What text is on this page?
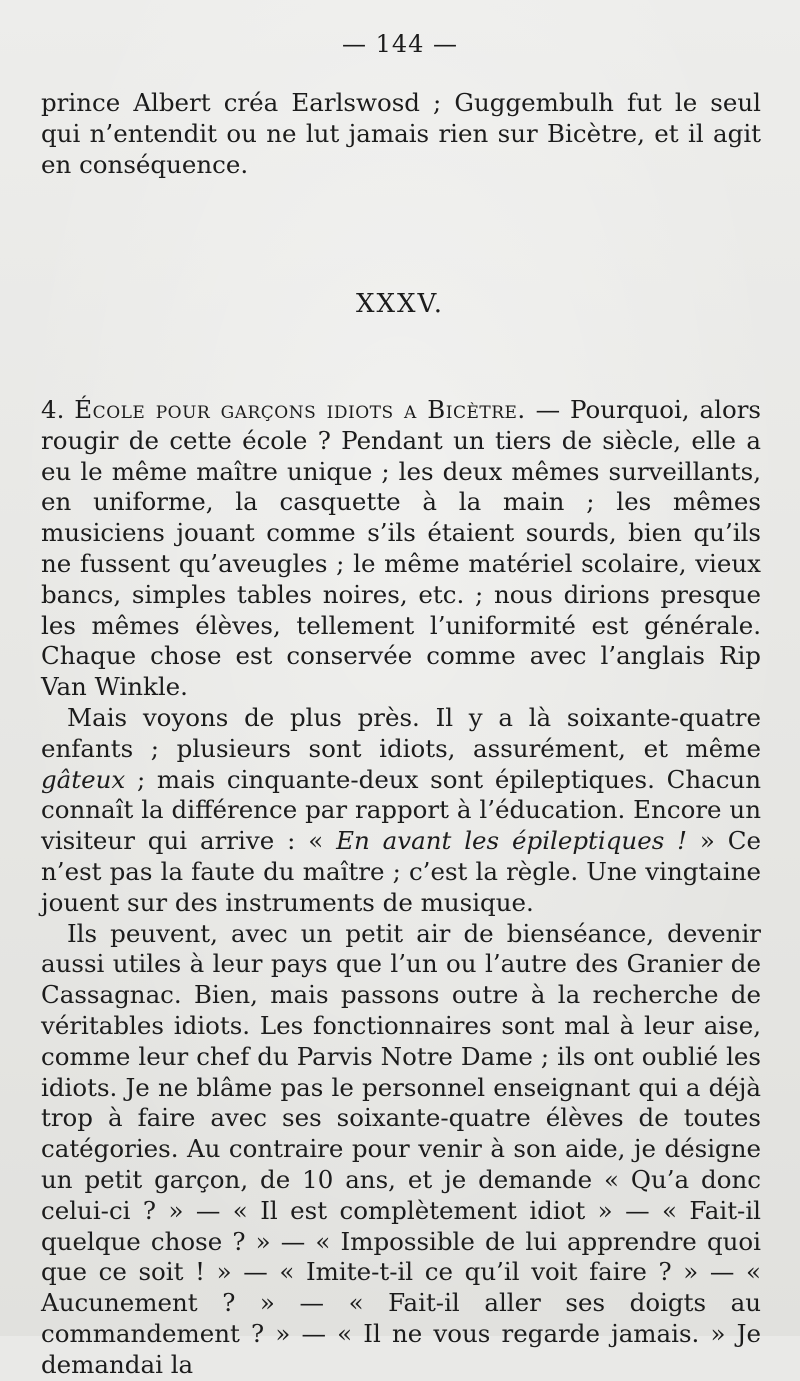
— 144 —

prince Albert créa Earlswosd ; Guggembulh fut le seul qui n’entendit ou ne lut jamais rien sur Bicètre, et il agit en conséquence.

XXXV.

4. École pour garçons idiots a Bicètre. — Pourquoi, alors rougir de cette école ? Pendant un tiers de siècle, elle a eu le même maître unique ; les deux mêmes surveillants, en uniforme, la casquette à la main ; les mêmes musiciens jouant comme s’ils étaient sourds, bien qu’ils ne fussent qu’aveugles ; le même matériel scolaire, vieux bancs, simples tables noires, etc. ; nous dirions presque les mêmes élèves, tellement l’uniformité est générale. Chaque chose est conservée comme avec l’anglais Rip Van Winkle.

Mais voyons de plus près. Il y a là soixante-quatre enfants ; plusieurs sont idiots, assurément, et même gâteux ; mais cinquante-deux sont épileptiques. Chacun connaît la différence par rapport à l’éducation. Encore un visiteur qui arrive : « En avant les épileptiques ! » Ce n’est pas la faute du maître ; c’est la règle. Une vingtaine jouent sur des instruments de musique.

Ils peuvent, avec un petit air de bienséance, devenir aussi utiles à leur pays que l’un ou l’autre des Granier de Cassagnac. Bien, mais passons outre à la recherche de véritables idiots. Les fonctionnaires sont mal à leur aise, comme leur chef du Parvis Notre Dame ; ils ont oublié les idiots. Je ne blâme pas le personnel enseignant qui a déjà trop à faire avec ses soixante-quatre élèves de toutes catégories. Au contraire pour venir à son aide, je désigne un petit garçon, de 10 ans, et je demande « Qu’a donc celui-ci ? » — « Il est complètement idiot » — « Fait-il quelque chose ? » — « Impossible de lui apprendre quoi que ce soit ! » — « Imite-t-il ce qu’il voit faire ? » — « Aucunement ? » — « Fait-il aller ses doigts au commandement ? » — « Il ne vous regarde jamais. » Je demandai la
